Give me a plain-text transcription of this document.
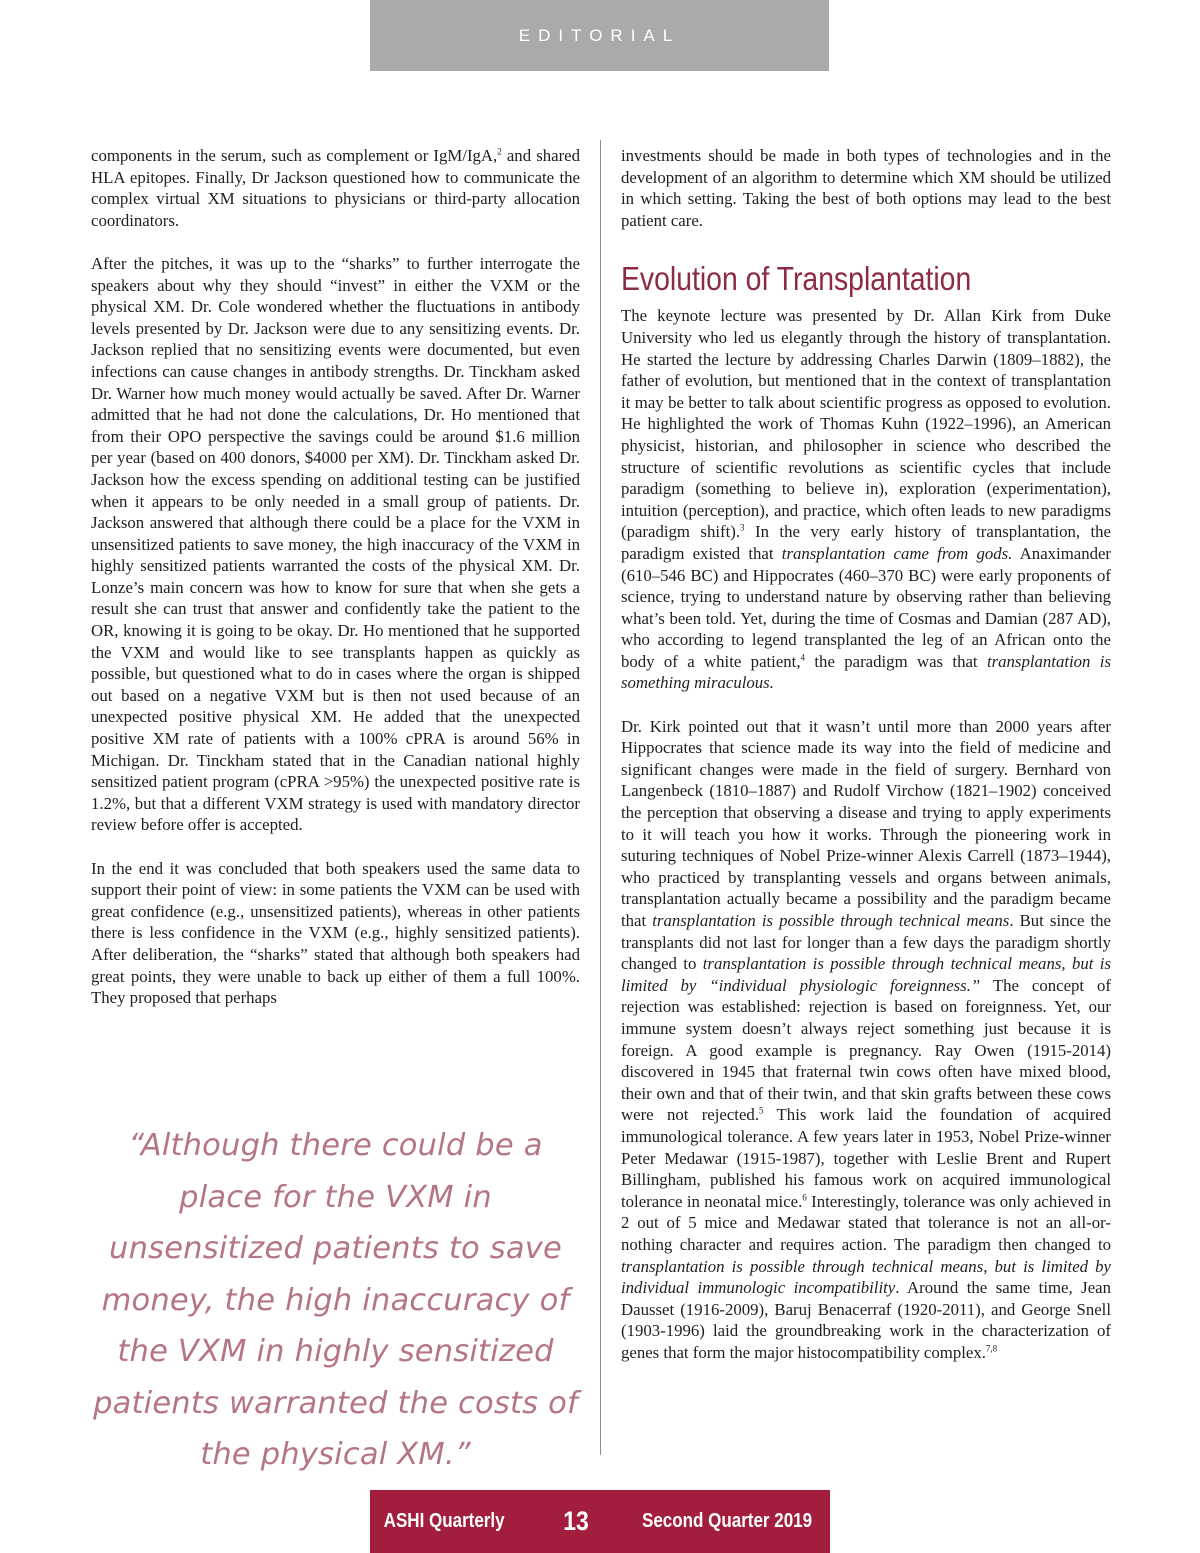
EDITORIAL

components in the serum, such as complement or IgM/IgA,$^2$ and shared HLA epitopes. Finally, Dr Jackson questioned how to communicate the complex virtual XM situations to physicians or third-party allocation coordinators.

After the pitches, it was up to the “sharks” to further interrogate the speakers about why they should “invest” in either the VXM or the physical XM. Dr. Cole wondered whether the fluctuations in antibody levels presented by Dr. Jackson were due to any sensitizing events. Dr. Jackson replied that no sensitizing events were documented, but even infections can cause changes in antibody strengths. Dr. Tinckham asked Dr. Warner how much money would actually be saved. After Dr. Warner admitted that he had not done the calculations, Dr. Ho mentioned that from their OPO perspective the savings could be around $1.6 million per year (based on 400 donors, $4000 per XM). Dr. Tinckham asked Dr. Jackson how the excess spending on additional testing can be justified when it appears to be only needed in a small group of patients. Dr. Jackson answered that although there could be a place for the VXM in unsensitized patients to save money, the high inaccuracy of the VXM in highly sensitized patients warranted the costs of the physical XM. Dr. Lonze’s main concern was how to know for sure that when she gets a result she can trust that answer and confidently take the patient to the OR, knowing it is going to be okay. Dr. Ho mentioned that he supported the VXM and would like to see transplants happen as quickly as possible, but questioned what to do in cases where the organ is shipped out based on a negative VXM but is then not used because of an unexpected positive physical XM. He added that the unexpected positive XM rate of patients with a 100% cPRA is around 56% in Michigan. Dr. Tinckham stated that in the Canadian national highly sensitized patient program (cPRA >95%) the unexpected positive rate is 1.2%, but that a different VXM strategy is used with mandatory director review before offer is accepted.

In the end it was concluded that both speakers used the same data to support their point of view: in some patients the VXM can be used with great confidence (e.g., unsensitized patients), whereas in other patients there is less confidence in the VXM (e.g., highly sensitized patients). After deliberation, the “sharks” stated that although both speakers had great points, they were unable to back up either of them a full 100%. They proposed that perhaps

“Although there could be a place for the VXM in unsensitized patients to save money, the high inaccuracy of the VXM in highly sensitized patients warranted the costs of the physical XM.”

investments should be made in both types of technologies and in the development of an algorithm to determine which XM should be utilized in which setting. Taking the best of both options may lead to the best patient care.

Evolution of Transplantation

The keynote lecture was presented by Dr. Allan Kirk from Duke University who led us elegantly through the history of transplantation. He started the lecture by addressing Charles Darwin (1809–1882), the father of evolution, but mentioned that in the context of transplantation it may be better to talk about scientific progress as opposed to evolution. He highlighted the work of Thomas Kuhn (1922–1996), an American physicist, historian, and philosopher in science who described the structure of scientific revolutions as scientific cycles that include paradigm (something to believe in), exploration (experimentation), intuition (perception), and practice, which often leads to new paradigms (paradigm shift).$^3$ In the very early history of transplantation, the paradigm existed that transplantation came from gods. Anaximander (610–546 BC) and Hippocrates (460–370 BC) were early proponents of science, trying to understand nature by observing rather than believing what’s been told. Yet, during the time of Cosmas and Damian (287 AD), who according to legend transplanted the leg of an African onto the body of a white patient,$^4$ the paradigm was that transplantation is something miraculous.

Dr. Kirk pointed out that it wasn’t until more than 2000 years after Hippocrates that science made its way into the field of medicine and significant changes were made in the field of surgery. Bernhard von Langenbeck (1810–1887) and Rudolf Virchow (1821–1902) conceived the perception that observing a disease and trying to apply experiments to it will teach you how it works. Through the pioneering work in suturing techniques of Nobel Prize-winner Alexis Carrell (1873–1944), who practiced by transplanting vessels and organs between animals, transplantation actually became a possibility and the paradigm became that transplantation is possible through technical means. But since the transplants did not last for longer than a few days the paradigm shortly changed to transplantation is possible through technical means, but is limited by “individual physiologic foreignness.” The concept of rejection was established: rejection is based on foreignness. Yet, our immune system doesn’t always reject something just because it is foreign. A good example is pregnancy. Ray Owen (1915-2014) discovered in 1945 that fraternal twin cows often have mixed blood, their own and that of their twin, and that skin grafts between these cows were not rejected.$^5$ This work laid the foundation of acquired immunological tolerance. A few years later in 1953, Nobel Prize-winner Peter Medawar (1915-1987), together with Leslie Brent and Rupert Billingham, published his famous work on acquired immunological tolerance in neonatal mice.$^6$ Interestingly, tolerance was only achieved in 2 out of 5 mice and Medawar stated that tolerance is not an all-or-nothing character and requires action. The paradigm then changed to transplantation is possible through technical means, but is limited by individual immunologic incompatibility. Around the same time, Jean Dausset (1916-2009), Baruj Benacerraf (1920-2011), and George Snell (1903-1996) laid the groundbreaking work in the characterization of genes that form the major histocompatibility complex.$^{7,8}$

ASHI Quarterly 13	Second Quarter 2019
